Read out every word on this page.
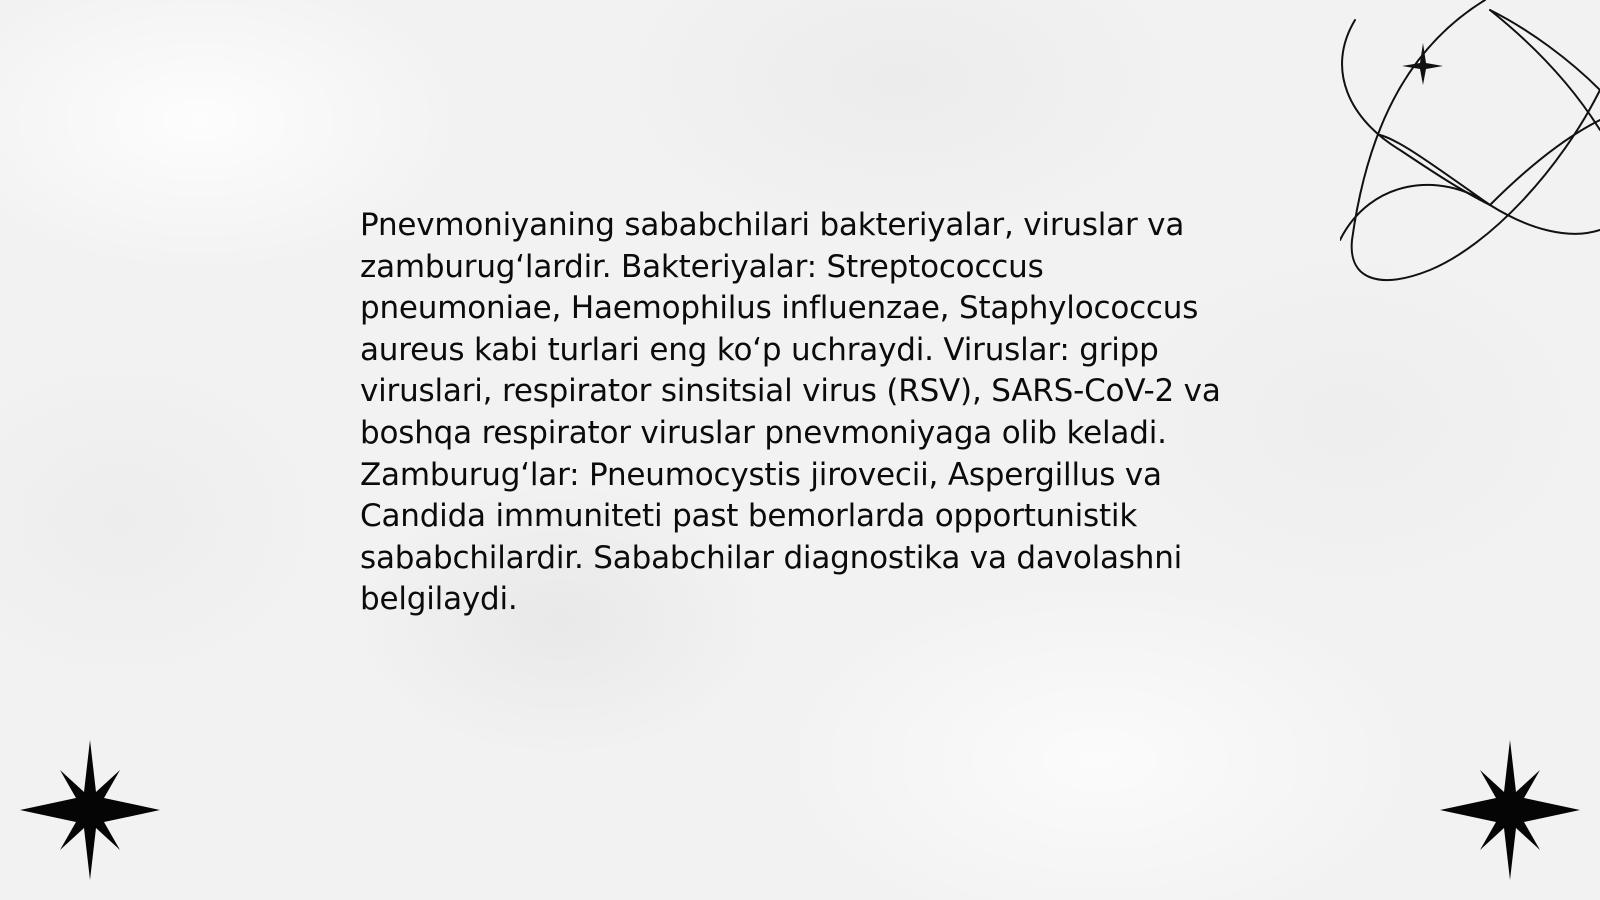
Pnevmoniyaning sababchilari bakteriyalar, viruslar va zamburug‘lardir. Bakteriyalar: Streptococcus pneumoniae, Haemophilus influenzae, Staphylococcus aureus kabi turlari eng ko‘p uchraydi. Viruslar: gripp viruslari, respirator sinsitsial virus (RSV), SARS-CoV-2 va boshqa respirator viruslar pnevmoniyaga olib keladi. Zamburug‘lar: Pneumocystis jirovecii, Aspergillus va Candida immuniteti past bemorlarda opportunistik sababchilardir. Sababchilar diagnostika va davolashni belgilaydi.
